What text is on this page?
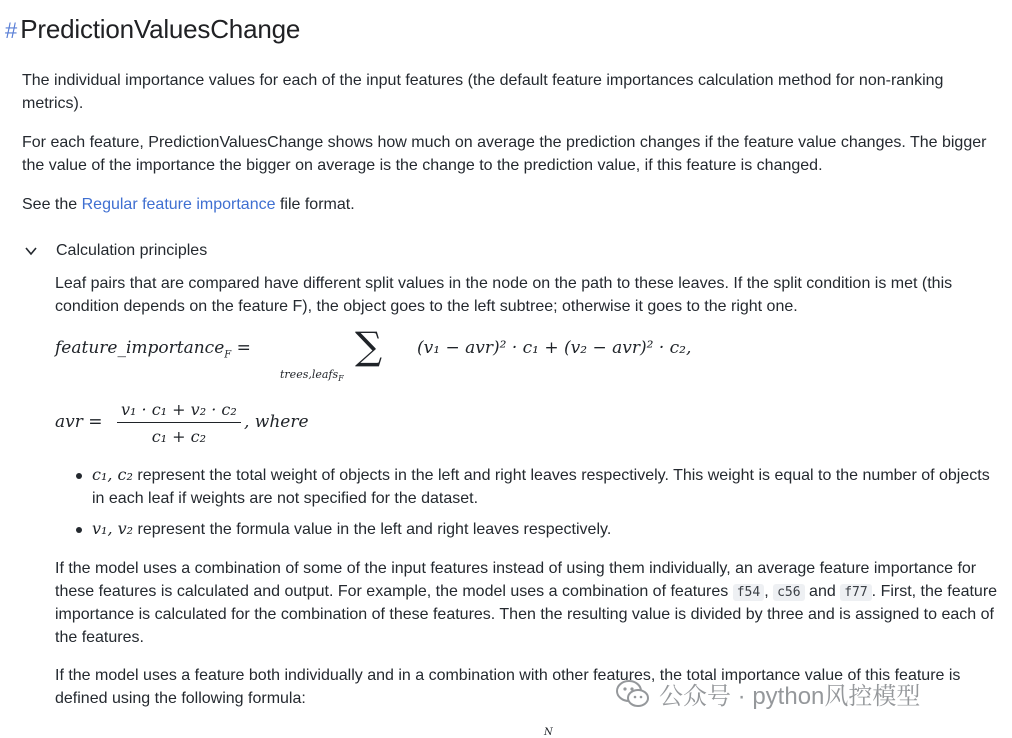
# PredictionValuesChange
The individual importance values for each of the input features (the default feature importances calculation method for non-ranking metrics).
For each feature, PredictionValuesChange shows how much on average the prediction changes if the feature value changes. The bigger the value of the importance the bigger on average is the change to the prediction value, if this feature is changed.
See the Regular feature importance file format.
Calculation principles
Leaf pairs that are compared have different split values in the node on the path to these leaves. If the split condition is met (this condition depends on the feature F), the object goes to the left subtree; otherwise it goes to the right one.
feature_importance$_F$ =	∑
trees,leafs$_F$
(v₁ − avr)² · c₁ + (v₂ − avr)² · c₂,
avr = $\frac{\text{v₁ · c₁ + v₂ · c₂}}{\text{c₁ + c₂}}$ , where
c₁, c₂ represent the total weight of objects in the left and right leaves respectively. This weight is equal to the number of objects in each leaf if weights are not specified for the dataset.
v₁, v₂ represent the formula value in the left and right leaves respectively.
If the model uses a combination of some of the input features instead of using them individually, an average feature importance for these features is calculated and output. For example, the model uses a combination of features f54 , c56 and f77 . First, the feature importance is calculated for the combination of these features. Then the resulting value is divided by three and is assigned to each of the features.
If the model uses a feature both individually and in a combination with other features, the total importance value of this feature is defined using the following formula:
N
公众号 · python风控模型
